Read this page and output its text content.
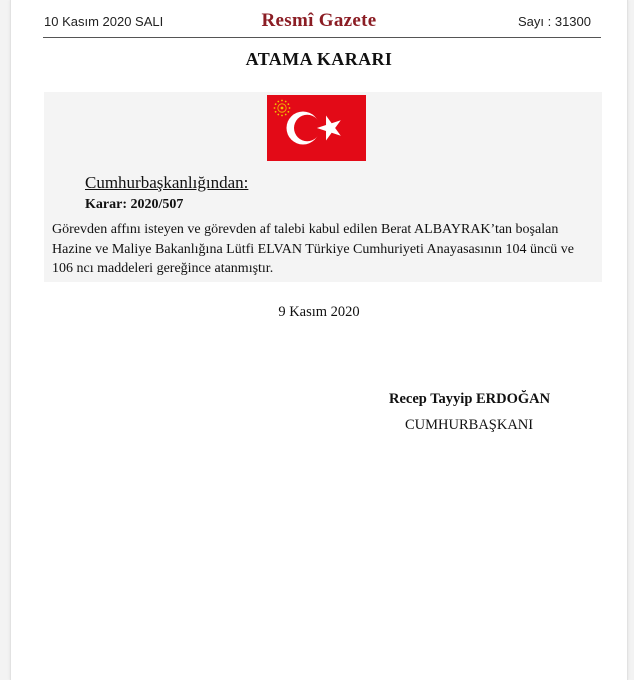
10 Kasım 2020 SALI	Resmî Gazete	Sayı : 31300
ATAMA KARARI
Cumhurbaşkanlığından:
Karar: 2020/507
Görevden affını isteyen ve görevden af talebi kabul edilen Berat ALBAYRAK’tan boşalan
Hazine ve Maliye Bakanlığına Lütfi ELVAN Türkiye Cumhuriyeti Anayasasının 104 üncü ve
106 ncı maddeleri gereğince atanmıştır.
9 Kasım 2020
Recep Tayyip ERDOĞAN
CUMHURBAŞKANI
